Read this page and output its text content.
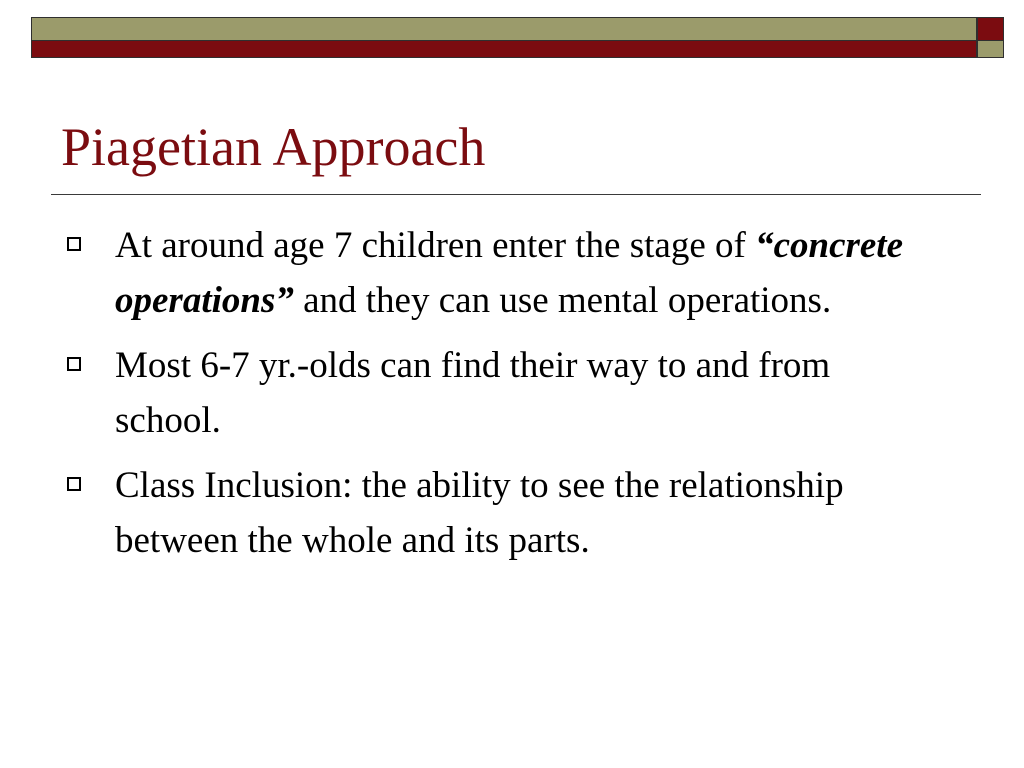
Piagetian Approach
At around age 7 children enter the stage of “concrete operations” and they can use mental operations.
Most 6-7 yr.-olds can find their way to and from school.
Class Inclusion: the ability to see the relationship between the whole and its parts.
